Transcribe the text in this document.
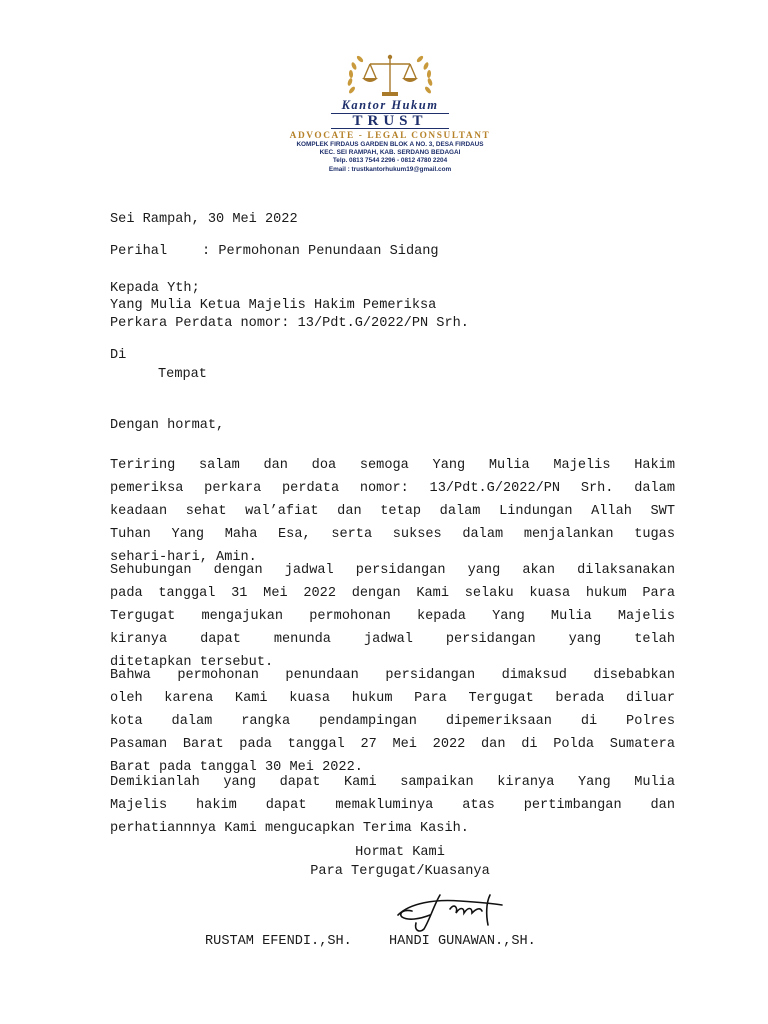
Kantor Hukum
TRUST
ADVOCATE - LEGAL CONSULTANT
KOMPLEK FIRDAUS GARDEN BLOK A NO. 3, DESA FIRDAUS
KEC. SEI RAMPAH, KAB. SERDANG BEDAGAI
Telp. 0813 7544 2296 - 0812 4780 2204
Email : trustkantorhukum19@gmail.com
Sei Rampah, 30 Mei 2022
Perihal	: Permohonan Penundaan Sidang
Kepada Yth;
Yang Mulia Ketua Majelis Hakim Pemeriksa
Perkara Perdata nomor: 13/Pdt.G/2022/PN Srh.
Di
Tempat
Dengan hormat,
Teriring salam dan doa semoga Yang Mulia Majelis Hakim
pemeriksa perkara perdata nomor: 13/Pdt.G/2022/PN Srh. dalam
keadaan sehat wal’afiat dan tetap dalam Lindungan Allah SWT
Tuhan Yang Maha Esa, serta sukses dalam menjalankan tugas
sehari-hari, Amin.
Sehubungan dengan jadwal persidangan yang akan dilaksanakan
pada tanggal 31 Mei 2022 dengan Kami selaku kuasa hukum Para
Tergugat mengajukan permohonan kepada Yang Mulia Majelis
kiranya dapat menunda jadwal persidangan yang telah
ditetapkan tersebut.
Bahwa permohonan penundaan persidangan dimaksud disebabkan
oleh karena Kami kuasa hukum Para Tergugat berada diluar
kota dalam rangka pendampingan dipemeriksaan di Polres
Pasaman Barat pada tanggal 27 Mei 2022 dan di Polda Sumatera
Barat pada tanggal 30 Mei 2022.
Demikianlah yang dapat Kami sampaikan kiranya Yang Mulia
Majelis hakim dapat memakluminya atas pertimbangan dan
perhatiannnya Kami mengucapkan Terima Kasih.
Hormat Kami
Para Tergugat/Kuasanya
RUSTAM EFENDI.,SH.	HANDI GUNAWAN.,SH.
